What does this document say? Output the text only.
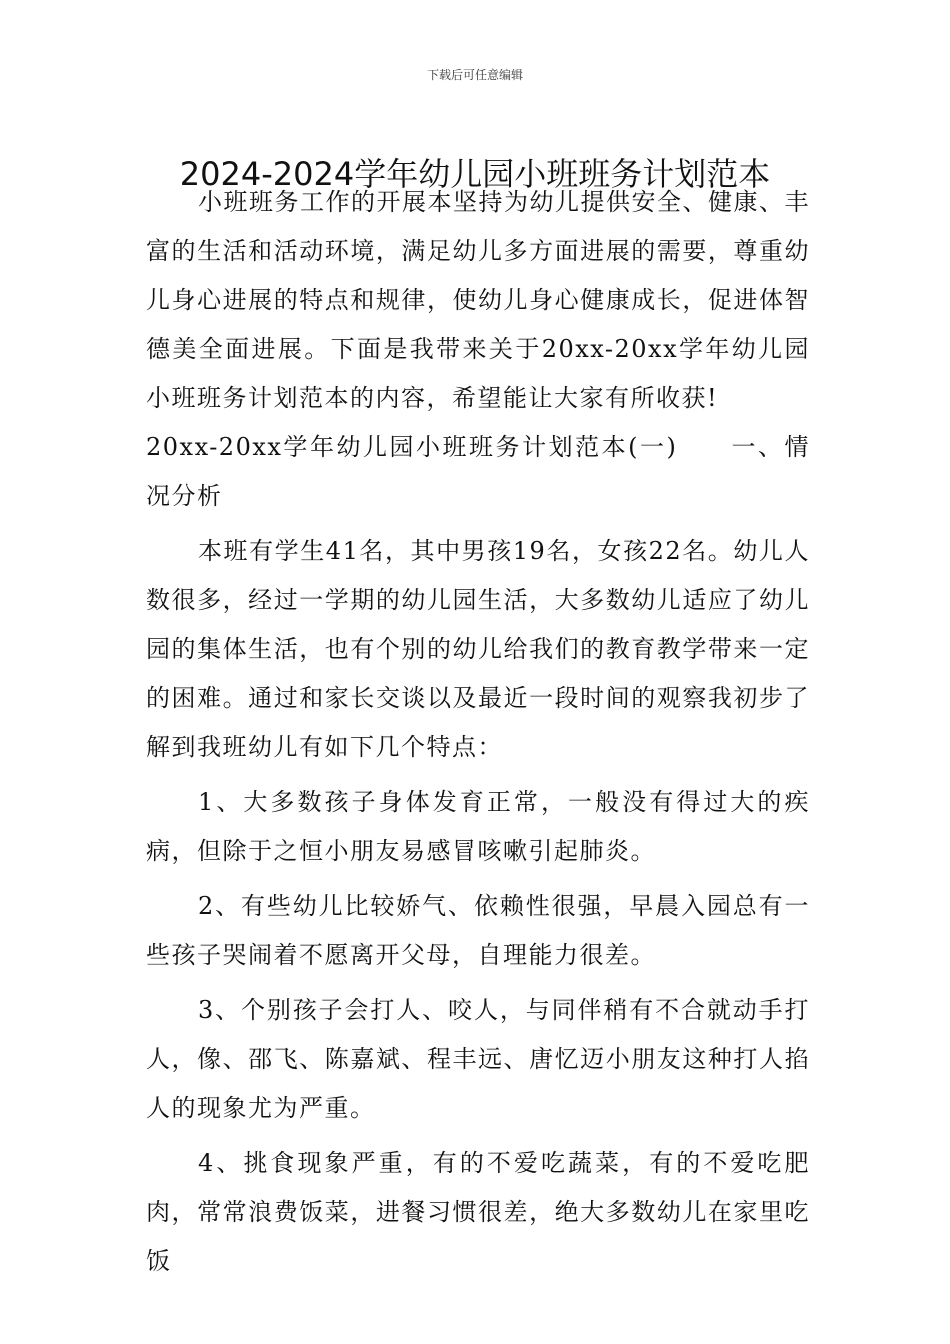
下载后可任意编辑
2024-2024学年幼儿园小班班务计划范本

小班班务工作的开展本坚持为幼儿提供安全、健康、丰富的生活和活动环境，满足幼儿多方面进展的需要，尊重幼儿身心进展的特点和规律，使幼儿身心健康成长，促进体智德美全面进展。下面是我带来关于20xx-20xx学年幼儿园小班班务计划范本的内容，希望能让大家有所收获!

20xx-20xx学年幼儿园小班班务计划范本(一)　　一、情况分析

本班有学生41名，其中男孩19名，女孩22名。幼儿人数很多，经过一学期的幼儿园生活，大多数幼儿适应了幼儿园的集体生活，也有个别的幼儿给我们的教育教学带来一定的困难。通过和家长交谈以及最近一段时间的观察我初步了解到我班幼儿有如下几个特点：

1、大多数孩子身体发育正常，一般没有得过大的疾病，但除于之恒小朋友易感冒咳嗽引起肺炎。

2、有些幼儿比较娇气、依赖性很强，早晨入园总有一些孩子哭闹着不愿离开父母，自理能力很差。

3、个别孩子会打人、咬人，与同伴稍有不合就动手打人，像、邵飞、陈嘉斌、程丰远、唐忆迈小朋友这种打人掐人的现象尤为严重。

4、挑食现象严重，有的不爱吃蔬菜，有的不爱吃肥肉，常常浪费饭菜，进餐习惯很差，绝大多数幼儿在家里吃饭
